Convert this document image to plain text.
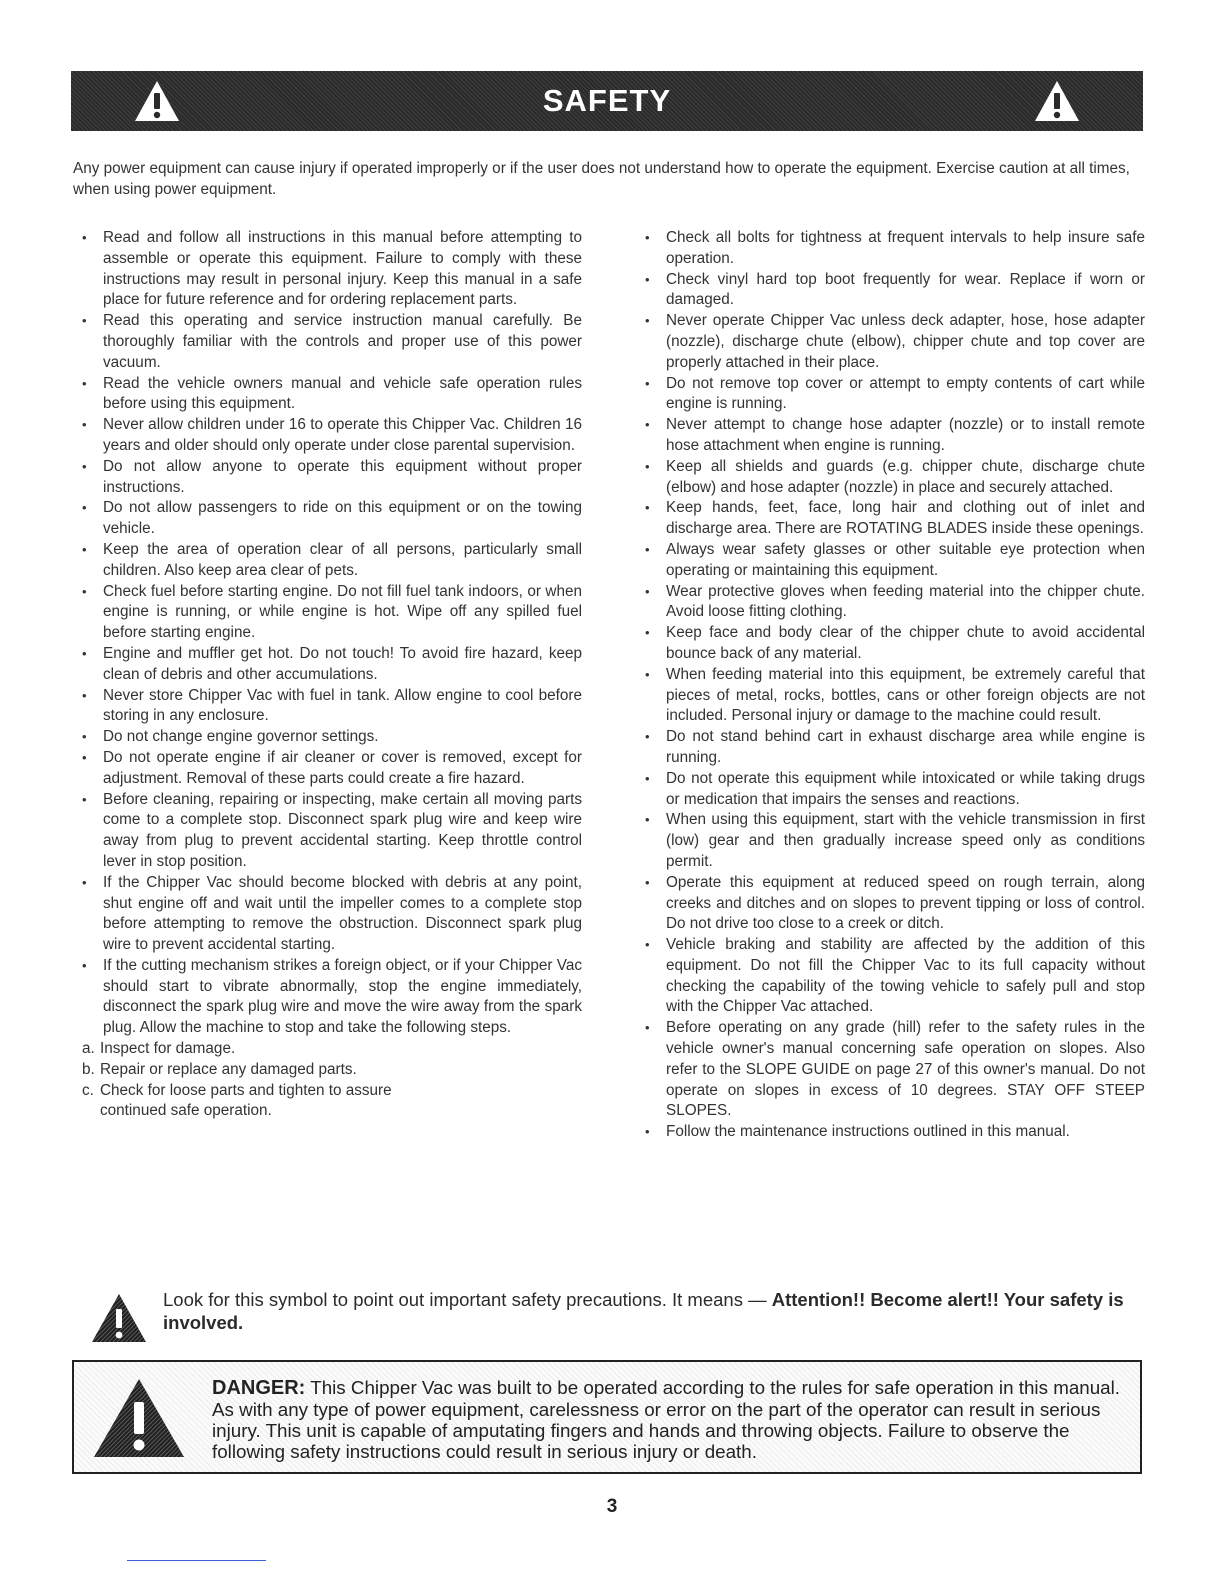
SAFETY

Any power equipment can cause injury if operated improperly or if the user does not understand how to operate the equipment. Exercise caution at all times, when using power equipment.

• Read and follow all instructions in this manual before attempting to assemble or operate this equipment. Failure to comply with these instructions may result in personal injury. Keep this manual in a safe place for future reference and for ordering replacement parts.
• Read this operating and service instruction manual carefully. Be thoroughly familiar with the controls and proper use of this power vacuum.
• Read the vehicle owners manual and vehicle safe operation rules before using this equipment.
• Never allow children under 16 to operate this Chipper Vac. Children 16 years and older should only operate under close parental supervision.
• Do not allow anyone to operate this equipment without proper instructions.
• Do not allow passengers to ride on this equipment or on the towing vehicle.
• Keep the area of operation clear of all persons, particularly small children. Also keep area clear of pets.
• Check fuel before starting engine. Do not fill fuel tank indoors, or when engine is running, or while engine is hot. Wipe off any spilled fuel before starting engine.
• Engine and muffler get hot. Do not touch! To avoid fire hazard, keep clean of debris and other accumulations.
• Never store Chipper Vac with fuel in tank. Allow engine to cool before storing in any enclosure.
• Do not change engine governor settings.
• Do not operate engine if air cleaner or cover is removed, except for adjustment. Removal of these parts could create a fire hazard.
• Before cleaning, repairing or inspecting, make certain all moving parts come to a complete stop. Disconnect spark plug wire and keep wire away from plug to prevent accidental starting. Keep throttle control lever in stop position.
• If the Chipper Vac should become blocked with debris at any point, shut engine off and wait until the impeller comes to a complete stop before attempting to remove the obstruction. Disconnect spark plug wire to prevent accidental starting.
• If the cutting mechanism strikes a foreign object, or if your Chipper Vac should start to vibrate abnormally, stop the engine immediately, disconnect the spark plug wire and move the wire away from the spark plug. Allow the machine to stop and take the following steps.
a. Inspect for damage.
b. Repair or replace any damaged parts.
c. Check for loose parts and tighten to assure continued safe operation.
• Check all bolts for tightness at frequent intervals to help insure safe operation.
• Check vinyl hard top boot frequently for wear. Replace if worn or damaged.
• Never operate Chipper Vac unless deck adapter, hose, hose adapter (nozzle), discharge chute (elbow), chipper chute and top cover are properly attached in their place.
• Do not remove top cover or attempt to empty contents of cart while engine is running.
• Never attempt to change hose adapter (nozzle) or to install remote hose attachment when engine is running.
• Keep all shields and guards (e.g. chipper chute, discharge chute (elbow) and hose adapter (nozzle) in place and securely attached.
• Keep hands, feet, face, long hair and clothing out of inlet and discharge area. There are ROTATING BLADES inside these openings.
• Always wear safety glasses or other suitable eye protection when operating or maintaining this equipment.
• Wear protective gloves when feeding material into the chipper chute. Avoid loose fitting clothing.
• Keep face and body clear of the chipper chute to avoid accidental bounce back of any material.
• When feeding material into this equipment, be extremely careful that pieces of metal, rocks, bottles, cans or other foreign objects are not included. Personal injury or damage to the machine could result.
• Do not stand behind cart in exhaust discharge area while engine is running.
• Do not operate this equipment while intoxicated or while taking drugs or medication that impairs the senses and reactions.
• When using this equipment, start with the vehicle transmission in first (low) gear and then gradually increase speed only as conditions permit.
• Operate this equipment at reduced speed on rough terrain, along creeks and ditches and on slopes to prevent tipping or loss of control. Do not drive too close to a creek or ditch.
• Vehicle braking and stability are affected by the addition of this equipment. Do not fill the Chipper Vac to its full capacity without checking the capability of the towing vehicle to safely pull and stop with the Chipper Vac attached.
• Before operating on any grade (hill) refer to the safety rules in the vehicle owner's manual concerning safe operation on slopes. Also refer to the SLOPE GUIDE on page 27 of this owner's manual. Do not operate on slopes in excess of 10 degrees. STAY OFF STEEP SLOPES.
• Follow the maintenance instructions outlined in this manual.
Look for this symbol to point out important safety precautions. It means — Attention!! Become alert!! Your safety is involved.
DANGER: This Chipper Vac was built to be operated according to the rules for safe operation in this manual. As with any type of power equipment, carelessness or error on the part of the operator can result in serious injury. This unit is capable of amputating fingers and hands and throwing objects. Failure to observe the following safety instructions could result in serious injury or death.
3
